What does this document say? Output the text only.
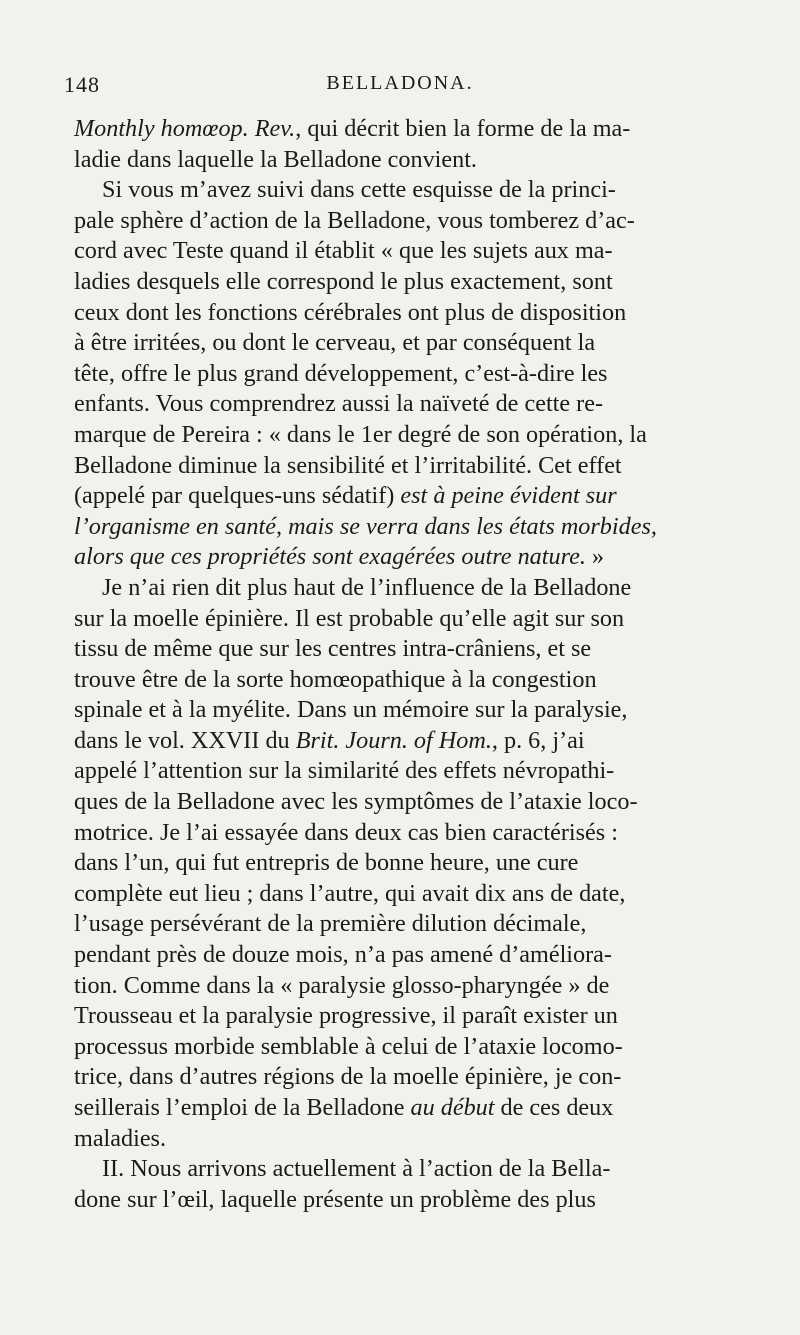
148	BELLADONA.
Monthly homœop. Rev., qui décrit bien la forme de la ma-
ladie dans laquelle la Belladone convient.
Si vous m’avez suivi dans cette esquisse de la princi-
pale sphère d’action de la Belladone, vous tomberez d’ac-
cord avec Teste quand il établit « que les sujets aux ma-
ladies desquels elle correspond le plus exactement, sont
ceux dont les fonctions cérébrales ont plus de disposition
à être irritées, ou dont le cerveau, et par conséquent la
tête, offre le plus grand développement, c’est-à-dire les
enfants. Vous comprendrez aussi la naïveté de cette re-
marque de Pereira : « dans le 1er degré de son opération, la
Belladone diminue la sensibilité et l’irritabilité. Cet effet
(appelé par quelques-uns sédatif) est à peine évident sur
l’organisme en santé, mais se verra dans les états morbides,
alors que ces propriétés sont exagérées outre nature. »
Je n’ai rien dit plus haut de l’influence de la Belladone
sur la moelle épinière. Il est probable qu’elle agit sur son
tissu de même que sur les centres intra-crâniens, et se
trouve être de la sorte homœopathique à la congestion
spinale et à la myélite. Dans un mémoire sur la paralysie,
dans le vol. XXVII du Brit. Journ. of Hom., p. 6, j’ai
appelé l’attention sur la similarité des effets névropathi-
ques de la Belladone avec les symptômes de l’ataxie loco-
motrice. Je l’ai essayée dans deux cas bien caractérisés :
dans l’un, qui fut entrepris de bonne heure, une cure
complète eut lieu ; dans l’autre, qui avait dix ans de date,
l’usage persévérant de la première dilution décimale,
pendant près de douze mois, n’a pas amené d’améliora-
tion. Comme dans la « paralysie glosso-pharyngée » de
Trousseau et la paralysie progressive, il paraît exister un
processus morbide semblable à celui de l’ataxie locomo-
trice, dans d’autres régions de la moelle épinière, je con-
seillerais l’emploi de la Belladone au début de ces deux
maladies.
II. Nous arrivons actuellement à l’action de la Bella-
done sur l’œil, laquelle présente un problème des plus
